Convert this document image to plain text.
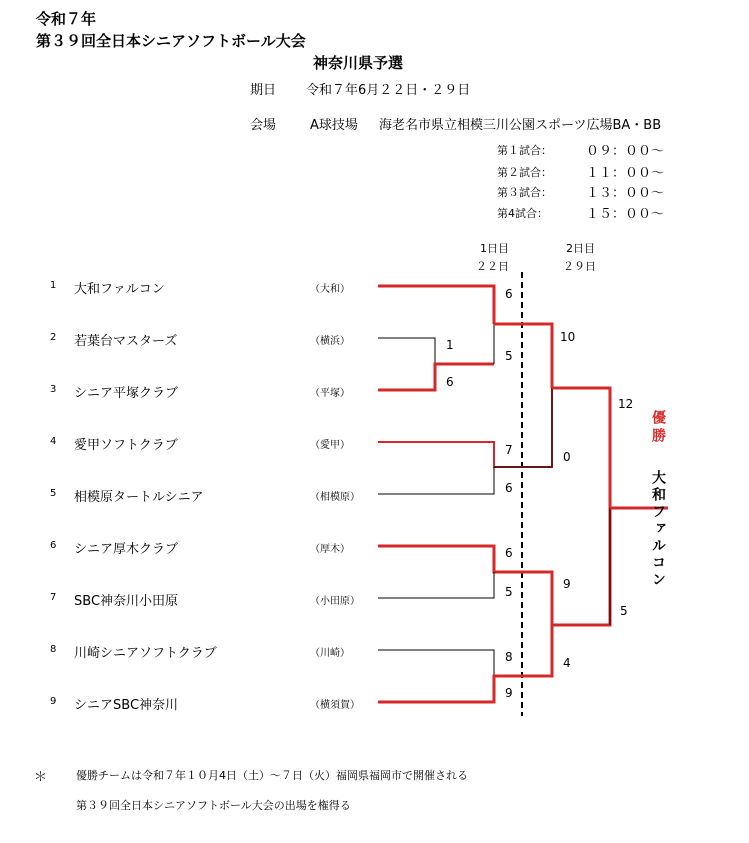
令和７年
第３９回全日本シニアソフトボール大会
神奈川県予選
期日 令和７年6月２２日・２９日
会場	A球技場 海老名市県立相模三川公園スポーツ広場BA・BB
第１試合：	０９：００～
第２試合：	１１：００～
第３試合：	１３：００～
第4試合：	１５：００～
1日目
２２日
2日目
２９日
1 大和ファルコン	（大和）
2 若葉台マスターズ	（横浜）
3 シニア平塚クラブ	（平塚）
4 愛甲ソフトクラブ	（愛甲）
5 相模原タートルシニア	（相模原）
6 シニア厚木クラブ	（厚木）
7 SBC神奈川小田原	（小田原）
8 川崎シニアソフトクラブ	（川崎）
9 シニアSBC神奈川	（横須賀）
1
6
6
5
7
6
6
5
8
9
10
0
9
4
12
5
優勝
大和ファルコン
＊	優勝チームは令和７年１０月4日（土）～７日（火）福岡県福岡市で開催される
第３９回全日本シニアソフトボール大会の出場を権得る
